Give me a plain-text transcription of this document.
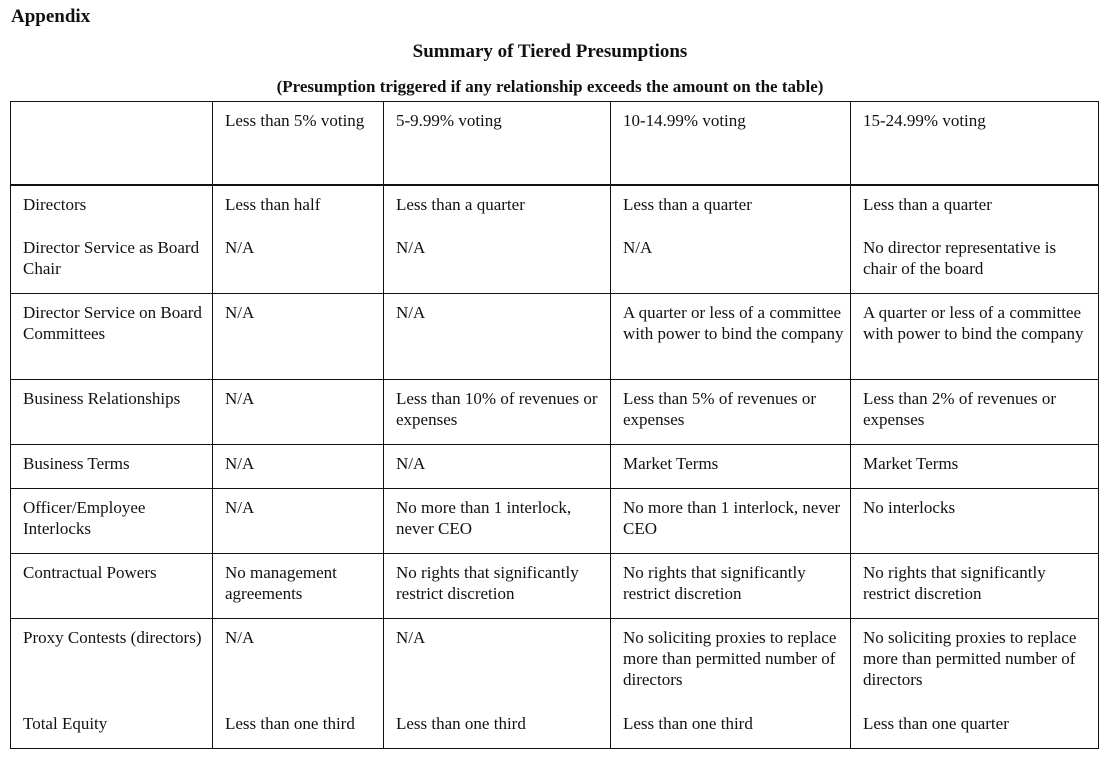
Appendix
Summary of Tiered Presumptions
(Presumption triggered if any relationship exceeds the amount on the table)
	Less than 5% voting	5-9.99% voting	10-14.99% voting	15-24.99% voting
Directors	Less than half	Less than a quarter	Less than a quarter	Less than a quarter
Director Service as Board Chair	N/A	N/A	N/A	No director representative is chair of the board
Director Service on Board Committees	N/A	N/A	A quarter or less of a committee with power to bind the company	A quarter or less of a committee with power to bind the company
Business Relationships	N/A	Less than 10% of revenues or expenses	Less than 5% of revenues or expenses	Less than 2% of revenues or expenses
Business Terms	N/A	N/A	Market Terms	Market Terms
Officer/Employee Interlocks	N/A	No more than 1 interlock, never CEO	No more than 1 interlock, never CEO	No interlocks
Contractual Powers	No management agreements	No rights that significantly restrict discretion	No rights that significantly restrict discretion	No rights that significantly restrict discretion
Proxy Contests (directors)	N/A	N/A	No soliciting proxies to replace more than permitted number of directors	No soliciting proxies to replace more than permitted number of directors
Total Equity	Less than one third	Less than one third	Less than one third	Less than one quarter
